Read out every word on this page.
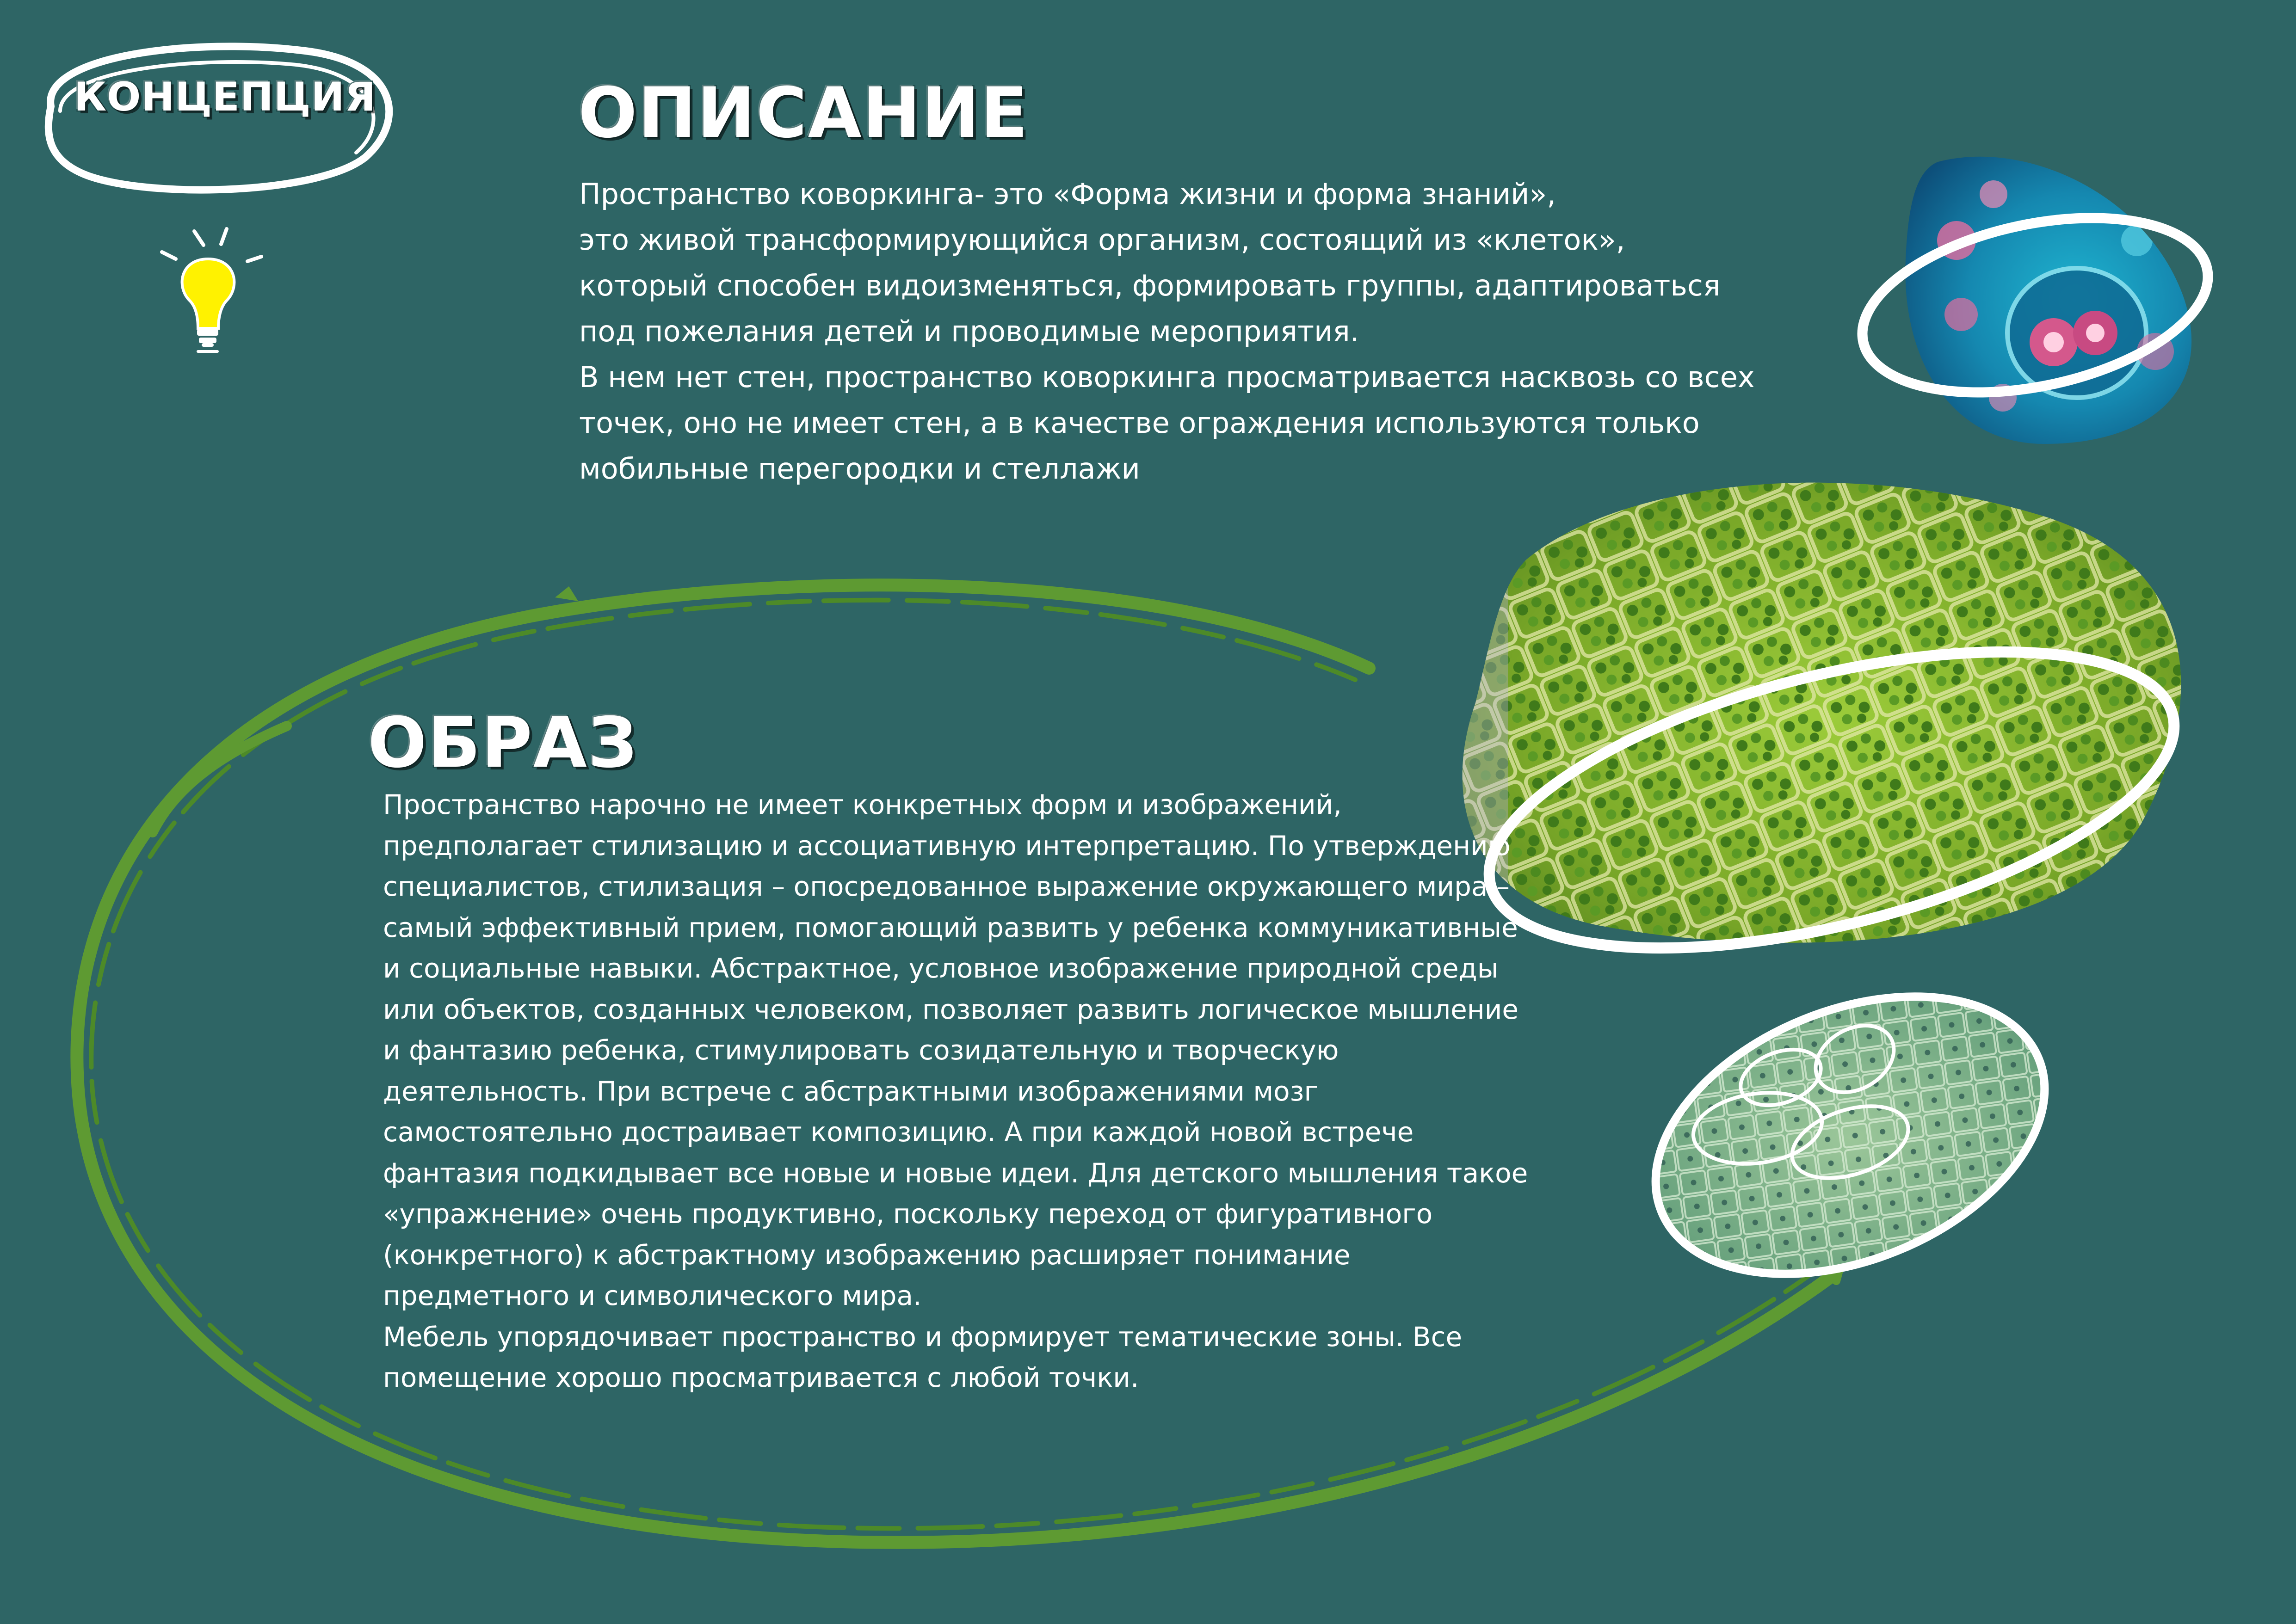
КОНЦЕПЦИЯ	ОПИСАНИЕ

Пространство коворкинга- это «Форма жизни и форма знаний»,
это живой трансформирующийся организм, состоящий из «клеток»,
который способен видоизменяться, формировать группы, адаптироваться
под пожелания детей и проводимые мероприятия.
В нем нет стен, пространство коворкинга просматривается насквозь со всех
точек, оно не имеет стен, а в качестве ограждения используются только
мобильные перегородки и стеллажи

ОБРАЗ

Пространство нарочно не имеет конкретных форм и изображений,
предполагает стилизацию и ассоциативную интерпретацию. По утверждению
специалистов, стилизация – опосредованное выражение окружающего мира –
самый эффективный прием, помогающий развить у ребенка коммуникативные
и социальные навыки. Абстрактное, условное изображение природной среды
или объектов, созданных человеком, позволяет развить логическое мышление
и фантазию ребенка, стимулировать созидательную и творческую
деятельность. При встрече с абстрактными изображениями мозг
самостоятельно достраивает композицию. А при каждой новой встрече
фантазия подкидывает все новые и новые идеи. Для детского мышления такое
«упражнение» очень продуктивно, поскольку переход от фигуративного
(конкретного) к абстрактному изображению расширяет понимание
предметного и символического мира.
Мебель упорядочивает пространство и формирует тематические зоны. Все
помещение хорошо просматривается с любой точки.
